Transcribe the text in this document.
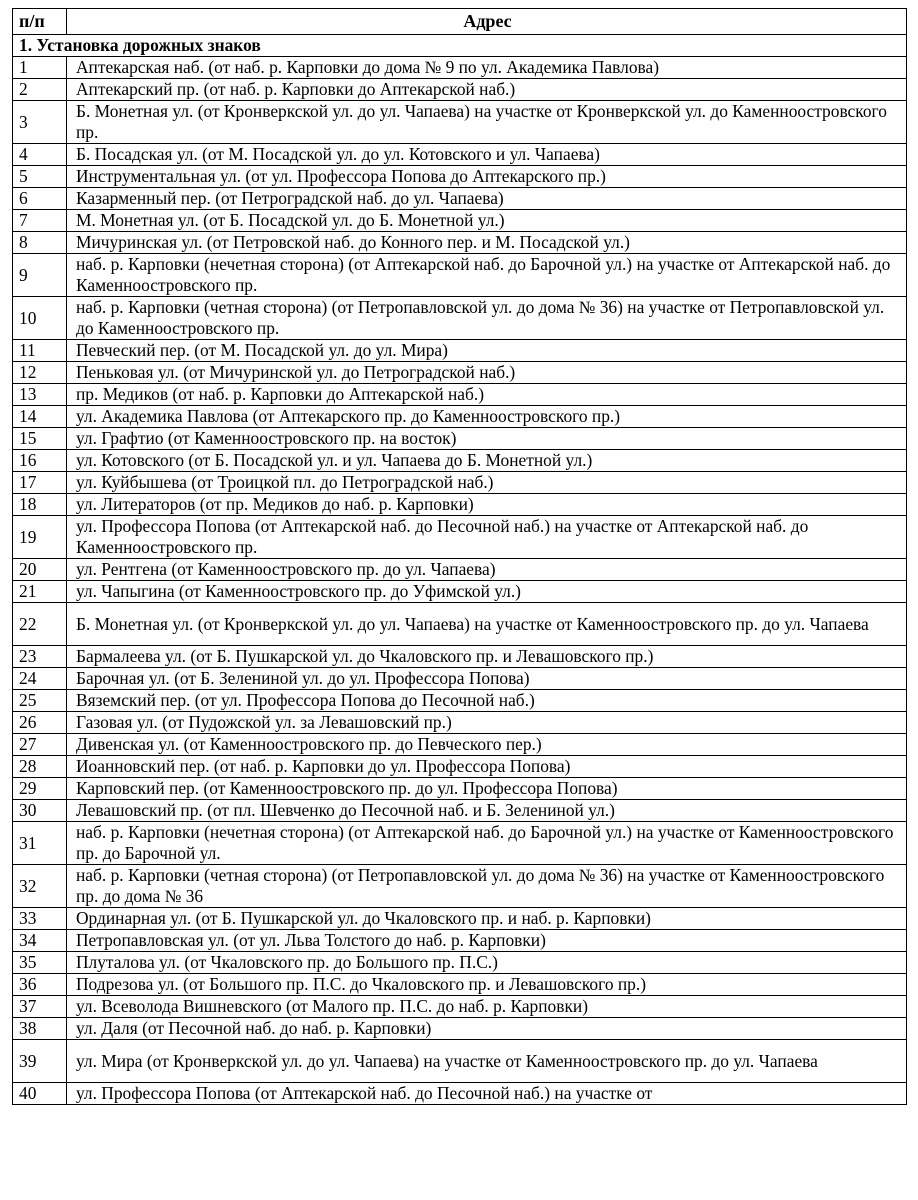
п/п	Адрес
1. Установка дорожных знаков	
1	Аптекарская наб. (от наб. р. Карповки до дома № 9 по ул. Академика Павлова)
2	Аптекарский пр. (от наб. р. Карповки до Аптекарской наб.)
3	Б. Монетная ул. (от Кронверкской ул. до ул. Чапаева) на участке от Кронверкской ул. до Каменноостровского пр.
4	Б. Посадская ул. (от М. Посадской ул. до ул. Котовского и ул. Чапаева)
5	Инструментальная ул. (от ул. Профессора Попова до Аптекарского пр.)
6	Казарменный пер. (от Петроградской наб. до ул. Чапаева)
7	М. Монетная ул. (от Б. Посадской ул. до Б. Монетной ул.)
8	Мичуринская ул. (от Петровской наб. до Конного пер. и М. Посадской ул.)
9	наб. р. Карповки (нечетная сторона) (от Аптекарской наб. до Барочной ул.) на участке от Аптекарской наб. до Каменноостровского пр.
10	наб. р. Карповки (четная сторона) (от Петропавловской ул. до дома № 36) на участке от Петропавловской ул. до Каменноостровского пр.
11	Певческий пер. (от М. Посадской ул. до ул. Мира)
12	Пеньковая ул. (от Мичуринской ул. до Петроградской наб.)
13	пр. Медиков (от наб. р. Карповки до Аптекарской наб.)
14	ул. Академика Павлова (от Аптекарского пр. до Каменноостровского пр.)
15	ул. Графтио (от Каменноостровского пр. на восток)
16	ул. Котовского (от Б. Посадской ул. и ул. Чапаева до Б. Монетной ул.)
17	ул. Куйбышева (от Троицкой пл. до Петроградской наб.)
18	ул. Литераторов (от пр. Медиков до наб. р. Карповки)
19	ул. Профессора Попова (от Аптекарской наб. до Песочной наб.) на участке от Аптекарской наб. до Каменноостровского пр.
20	ул. Рентгена (от Каменноостровского пр. до ул. Чапаева)
21	ул. Чапыгина (от Каменноостровского пр. до Уфимской ул.)
22	Б. Монетная ул. (от Кронверкской ул. до ул. Чапаева) на участке от Каменноостровского пр. до ул. Чапаева
23	Бармалеева ул. (от Б. Пушкарской ул. до Чкаловского пр. и Левашовского пр.)
24	Барочная ул. (от Б. Зелениной ул. до ул. Профессора Попова)
25	Вяземский пер. (от ул. Профессора Попова до Песочной наб.)
26	Газовая ул. (от Пудожской ул. за Левашовский пр.)
27	Дивенская ул. (от Каменноостровского пр. до Певческого пер.)
28	Иоанновский пер. (от наб. р. Карповки до ул. Профессора Попова)
29	Карповский пер. (от Каменноостровского пр. до ул. Профессора Попова)
30	Левашовский пр. (от пл. Шевченко до Песочной наб. и Б. Зелениной ул.)
31	наб. р. Карповки (нечетная сторона) (от Аптекарской наб. до Барочной ул.) на участке от Каменноостровского пр. до Барочной ул.
32	наб. р. Карповки (четная сторона) (от Петропавловской ул. до дома № 36) на участке от Каменноостровского пр. до дома № 36
33	Ординарная ул. (от Б. Пушкарской ул. до Чкаловского пр. и наб. р. Карповки)
34	Петропавловская ул. (от ул. Льва Толстого до наб. р. Карповки)
35	Плуталова ул. (от Чкаловского пр. до Большого пр. П.С.)
36	Подрезова ул. (от Большого пр. П.С. до Чкаловского пр. и Левашовского пр.)
37	ул. Всеволода Вишневского (от Малого пр. П.С. до наб. р. Карповки)
38	ул. Даля (от Песочной наб. до наб. р. Карповки)
39	ул. Мира (от Кронверкской ул. до ул. Чапаева) на участке от Каменноостровского пр. до ул. Чапаева
40	ул. Профессора Попова (от Аптекарской наб. до Песочной наб.) на участке от
